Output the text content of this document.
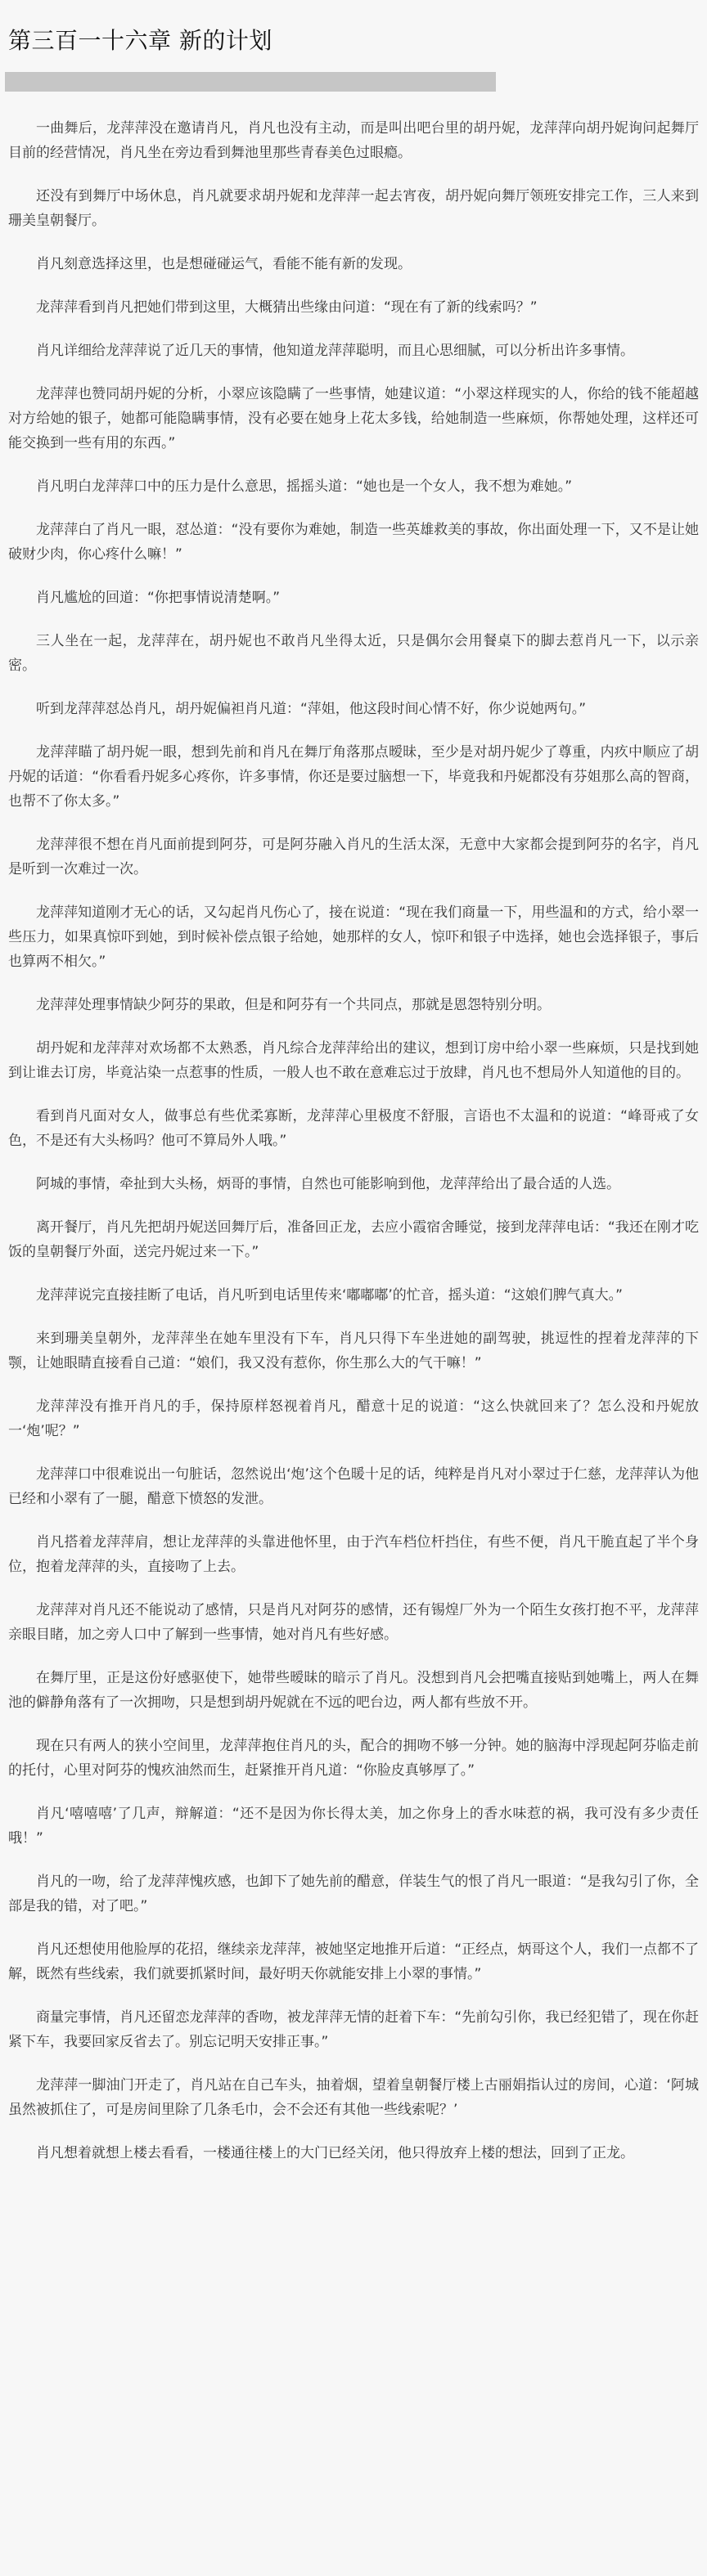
第三百一十六章 新的计划

一曲舞后，龙萍萍没在邀请肖凡，肖凡也没有主动，而是叫出吧台里的胡丹妮，龙萍萍向胡丹妮询问起舞厅目前的经营情况，肖凡坐在旁边看到舞池里那些青春美色过眼瘾。

还没有到舞厅中场休息，肖凡就要求胡丹妮和龙萍萍一起去宵夜，胡丹妮向舞厅领班安排完工作，三人来到珊美皇朝餐厅。

肖凡刻意选择这里，也是想碰碰运气，看能不能有新的发现。

龙萍萍看到肖凡把她们带到这里，大概猜出些缘由问道：“现在有了新的线索吗？”

肖凡详细给龙萍萍说了近几天的事情，他知道龙萍萍聪明，而且心思细腻，可以分析出许多事情。

龙萍萍也赞同胡丹妮的分析，小翠应该隐瞒了一些事情，她建议道：“小翠这样现实的人，你给的钱不能超越对方给她的银子，她都可能隐瞒事情，没有必要在她身上花太多钱，给她制造一些麻烦，你帮她处理，这样还可能交换到一些有用的东西。”

肖凡明白龙萍萍口中的压力是什么意思，摇摇头道：“她也是一个女人，我不想为难她。”

龙萍萍白了肖凡一眼，怼怂道：“没有要你为难她，制造一些英雄救美的事故，你出面处理一下，又不是让她破财少肉，你心疼什么嘛！”

肖凡尴尬的回道：“你把事情说清楚啊。”

三人坐在一起，龙萍萍在，胡丹妮也不敢肖凡坐得太近，只是偶尔会用餐桌下的脚去惹肖凡一下，以示亲密。

听到龙萍萍怼怂肖凡，胡丹妮偏袒肖凡道：“萍姐，他这段时间心情不好，你少说她两句。”

龙萍萍瞄了胡丹妮一眼，想到先前和肖凡在舞厅角落那点暧昧，至少是对胡丹妮少了尊重，内疚中顺应了胡丹妮的话道：“你看看丹妮多心疼你，许多事情，你还是要过脑想一下，毕竟我和丹妮都没有芬姐那么高的智商，也帮不了你太多。”

龙萍萍很不想在肖凡面前提到阿芬，可是阿芬融入肖凡的生活太深，无意中大家都会提到阿芬的名字，肖凡是听到一次难过一次。

龙萍萍知道刚才无心的话，又勾起肖凡伤心了，接在说道：“现在我们商量一下，用些温和的方式，给小翠一些压力，如果真惊吓到她，到时候补偿点银子给她，她那样的女人，惊吓和银子中选择，她也会选择银子，事后也算两不相欠。”

龙萍萍处理事情缺少阿芬的果敢，但是和阿芬有一个共同点，那就是恩怨特别分明。

胡丹妮和龙萍萍对欢场都不太熟悉，肖凡综合龙萍萍给出的建议，想到订房中给小翠一些麻烦，只是找到她到让谁去订房，毕竟沾染一点惹事的性质，一般人也不敢在意难忘过于放肆，肖凡也不想局外人知道他的目的。

看到肖凡面对女人，做事总有些优柔寡断，龙萍萍心里极度不舒服，言语也不太温和的说道：“峰哥戒了女色，不是还有大头杨吗？他可不算局外人哦。”

阿城的事情，牵扯到大头杨，炳哥的事情，自然也可能影响到他，龙萍萍给出了最合适的人选。

离开餐厅，肖凡先把胡丹妮送回舞厅后，准备回正龙，去应小霞宿舍睡觉，接到龙萍萍电话：“我还在刚才吃饭的皇朝餐厅外面，送完丹妮过来一下。”

龙萍萍说完直接挂断了电话，肖凡听到电话里传来‘嘟嘟嘟’的忙音，摇头道：“这娘们脾气真大。”

来到珊美皇朝外，龙萍萍坐在她车里没有下车，肖凡只得下车坐进她的副驾驶，挑逗性的捏着龙萍萍的下颚，让她眼睛直接看自己道：“娘们，我又没有惹你，你生那么大的气干嘛！”

龙萍萍没有推开肖凡的手，保持原样怒视着肖凡，醋意十足的说道：“这么快就回来了？怎么没和丹妮放一‘炮’呢？”

龙萍萍口中很难说出一句脏话，忽然说出‘炮’这个色暖十足的话，纯粹是肖凡对小翠过于仁慈，龙萍萍认为他已经和小翠有了一腿，醋意下愤怒的发泄。

肖凡搭着龙萍萍肩，想让龙萍萍的头靠进他怀里，由于汽车档位杆挡住，有些不便，肖凡干脆直起了半个身位，抱着龙萍萍的头，直接吻了上去。

龙萍萍对肖凡还不能说动了感情，只是肖凡对阿芬的感情，还有锡煌厂外为一个陌生女孩打抱不平，龙萍萍亲眼目睹，加之旁人口中了解到一些事情，她对肖凡有些好感。

在舞厅里，正是这份好感驱使下，她带些暧昧的暗示了肖凡。没想到肖凡会把嘴直接贴到她嘴上，两人在舞池的僻静角落有了一次拥吻，只是想到胡丹妮就在不远的吧台边，两人都有些放不开。

现在只有两人的狭小空间里，龙萍萍抱住肖凡的头，配合的拥吻不够一分钟。她的脑海中浮现起阿芬临走前的托付，心里对阿芬的愧疚油然而生，赶紧推开肖凡道：“你脸皮真够厚了。”

肖凡‘嘻嘻嘻’了几声，辩解道：“还不是因为你长得太美，加之你身上的香水味惹的祸，我可没有多少责任哦！”

肖凡的一吻，给了龙萍萍愧疚感，也卸下了她先前的醋意，佯装生气的恨了肖凡一眼道：“是我勾引了你，全部是我的错，对了吧。”

肖凡还想使用他脸厚的花招，继续亲龙萍萍，被她坚定地推开后道：“正经点，炳哥这个人，我们一点都不了解，既然有些线索，我们就要抓紧时间，最好明天你就能安排上小翠的事情。”

商量完事情，肖凡还留恋龙萍萍的香吻，被龙萍萍无情的赶着下车：“先前勾引你，我已经犯错了，现在你赶紧下车，我要回家反省去了。别忘记明天安排正事。”

龙萍萍一脚油门开走了，肖凡站在自己车头，抽着烟，望着皇朝餐厅楼上古丽娟指认过的房间，心道：‘阿城虽然被抓住了，可是房间里除了几条毛巾，会不会还有其他一些线索呢？’

肖凡想着就想上楼去看看，一楼通往楼上的大门已经关闭，他只得放弃上楼的想法，回到了正龙。
